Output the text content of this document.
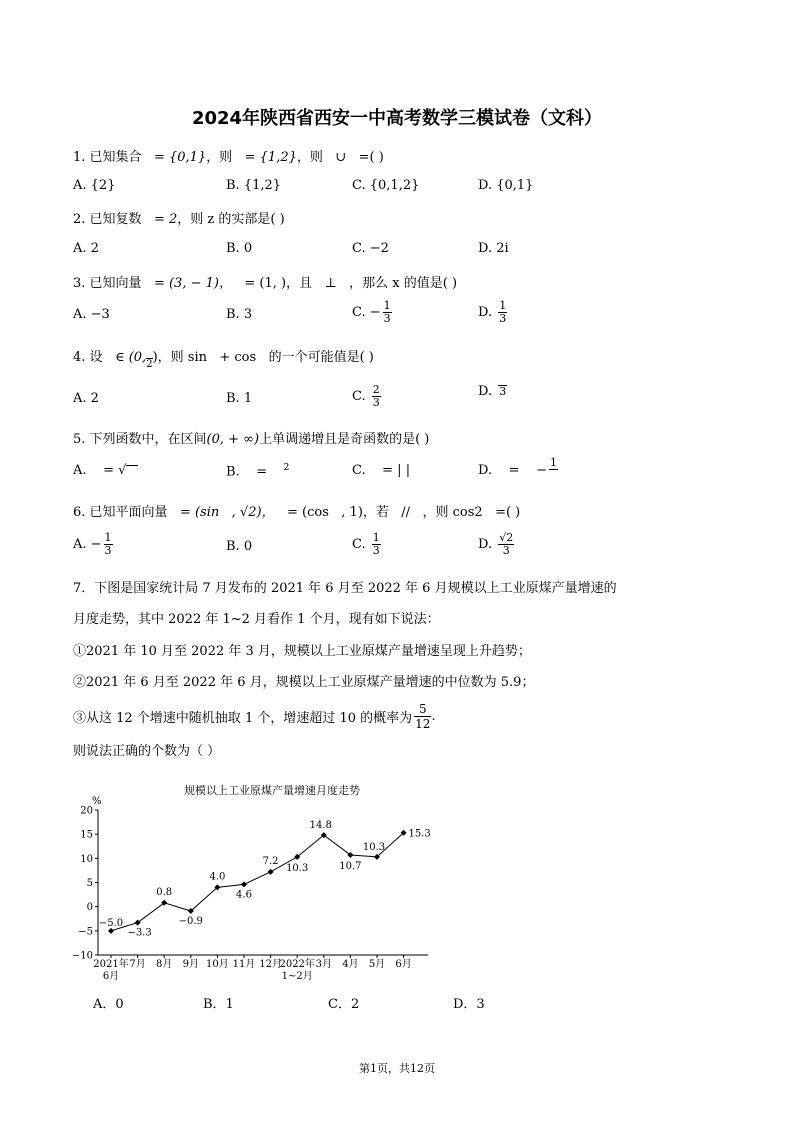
2024年陕西省西安一中高考数学三模试卷（文科）
1. 已知集合 = {0,1}，则 = {1,2}，则 ∪ =( )
A. {2}	B. {1,2}	C. {0,1,2}	D. {0,1}
2. 已知复数 = 2，则 z 的实部是( )
A. 2	B. 0	C. −2	D. 2i
3. 已知向量 = (3, − 1)， = (1, )，且 ⊥ ，那么 x 的值是( )
A. −3	B. 3	C. − $\frac{1}{3}$	D. $\frac{1}{3}$
4. 设 ∈ $(0,_2)$，则 sin + cos 的一个可能值是( )
A. 2	B. 1	C. $\frac{2}{3}$	D. 3
5. 下列函数中，在区间(0, + ∞)上单调递增且是奇函数的是( )
A. = √	B. = $^2$	C. = | |	D. = −
1

6. 已知平面向量 = (sin , √2)， = (cos , 1)，若 // ，则 cos2 =( )
A. − $\frac{1}{3}$	B. 0	C. $\frac{1}{3}$	D. $\frac{√2}{3}$
7．下图是国家统计局 7 月发布的 2021 年 6 月至 2022 年 6 月规模以上工业原煤产量增速的
月度走势，其中 2022 年 1~2 月看作 1 个月，现有如下说法：
①2021 年 10 月至 2022 年 3 月，规模以上工业原煤产量增速呈现上升趋势；
②2021 年 6 月至 2022 年 6 月，规模以上工业原煤产量增速的中位数为 5.9；
③从这 12 个增速中随机抽取 1 个，增速超过 10 的概率为 $\frac{5}{12}$ .
则说法正确的个数为（ ）
规模以上工业原煤产量增速月度走势
%
20
15
10
5
0
−5
−10
2021年
6月
7月 8月 9月 10月 11月 12月
2022年
1~2月
3月 4月 5月 6月
−5.0
−3.3
0.8
−0.9
4.0
4.6
7.2
10.3
14.8
10.7
10.3
15.3
A．0	B．1	C．2	D．3
第1页，共12页
